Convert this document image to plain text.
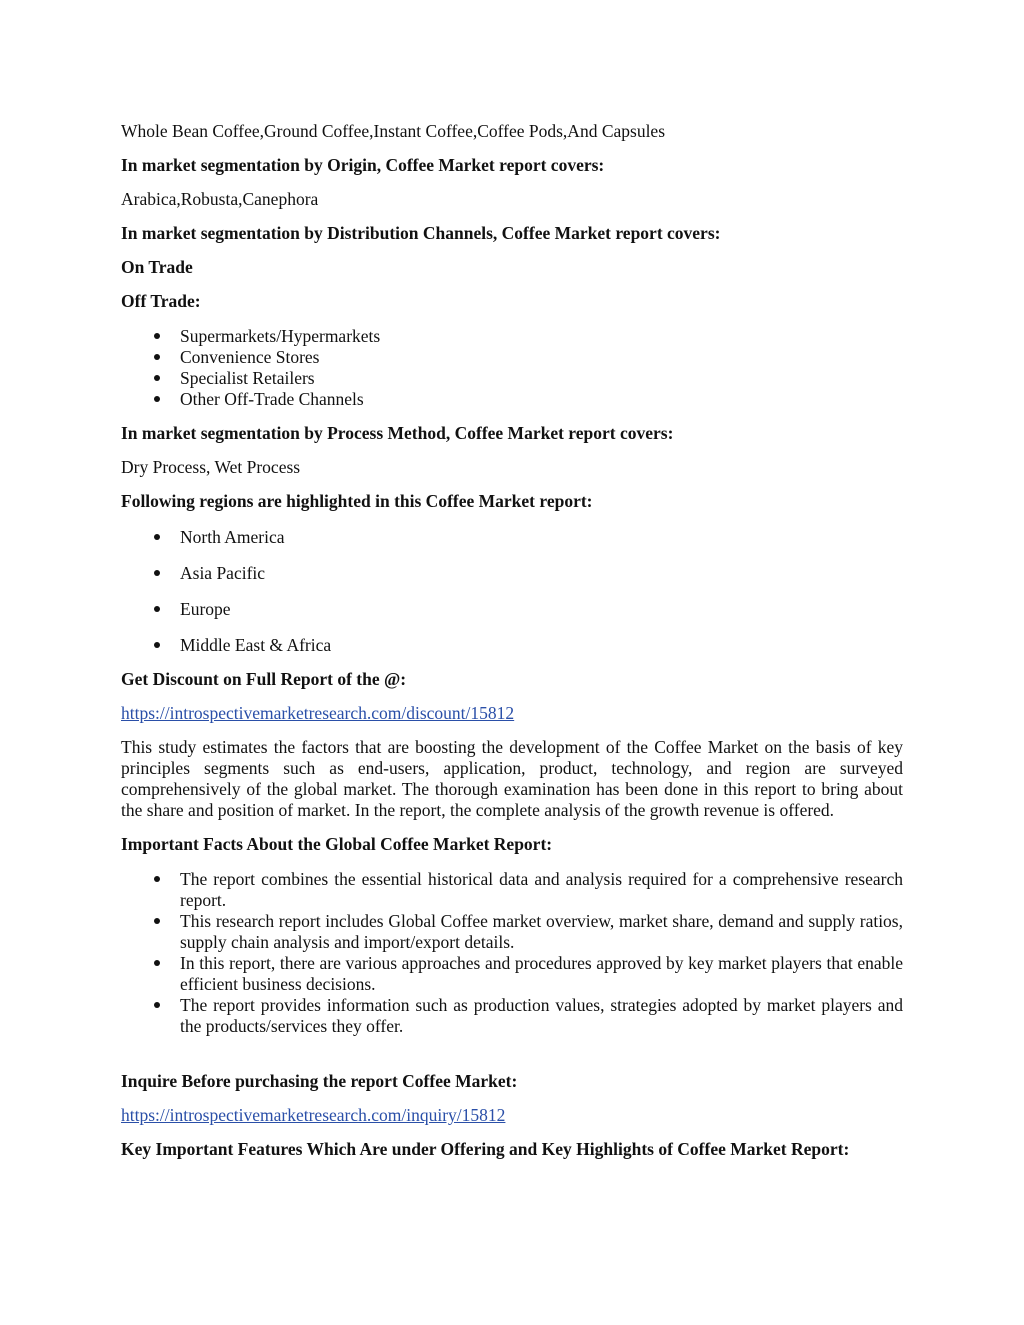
Whole Bean Coffee,Ground Coffee,Instant Coffee,Coffee Pods,And Capsules

In market segmentation by Origin, Coffee Market report covers:

Arabica,Robusta,Canephora

In market segmentation by Distribution Channels, Coffee Market report covers:

On Trade

Off Trade:

Supermarkets/Hypermarkets
Convenience Stores
Specialist Retailers
Other Off-Trade Channels

In market segmentation by Process Method, Coffee Market report covers:

Dry Process, Wet Process

Following regions are highlighted in this Coffee Market report:

North America
Asia Pacific
Europe
Middle East & Africa

Get Discount on Full Report of the @:

https://introspectivemarketresearch.com/discount/15812

This study estimates the factors that are boosting the development of the Coffee Market on the basis of key principles segments such as end-users, application, product, technology, and region are surveyed comprehensively of the global market. The thorough examination has been done in this report to bring about the share and position of market. In the report, the complete analysis of the growth revenue is offered.

Important Facts About the Global Coffee Market Report:

The report combines the essential historical data and analysis required for a comprehensive research report.
This research report includes Global Coffee market overview, market share, demand and supply ratios, supply chain analysis and import/export details.
In this report, there are various approaches and procedures approved by key market players that enable efficient business decisions.
The report provides information such as production values, strategies adopted by market players and the products/services they offer.

Inquire Before purchasing the report Coffee Market:

https://introspectivemarketresearch.com/inquiry/15812

Key Important Features Which Are under Offering and Key Highlights of Coffee Market Report:
